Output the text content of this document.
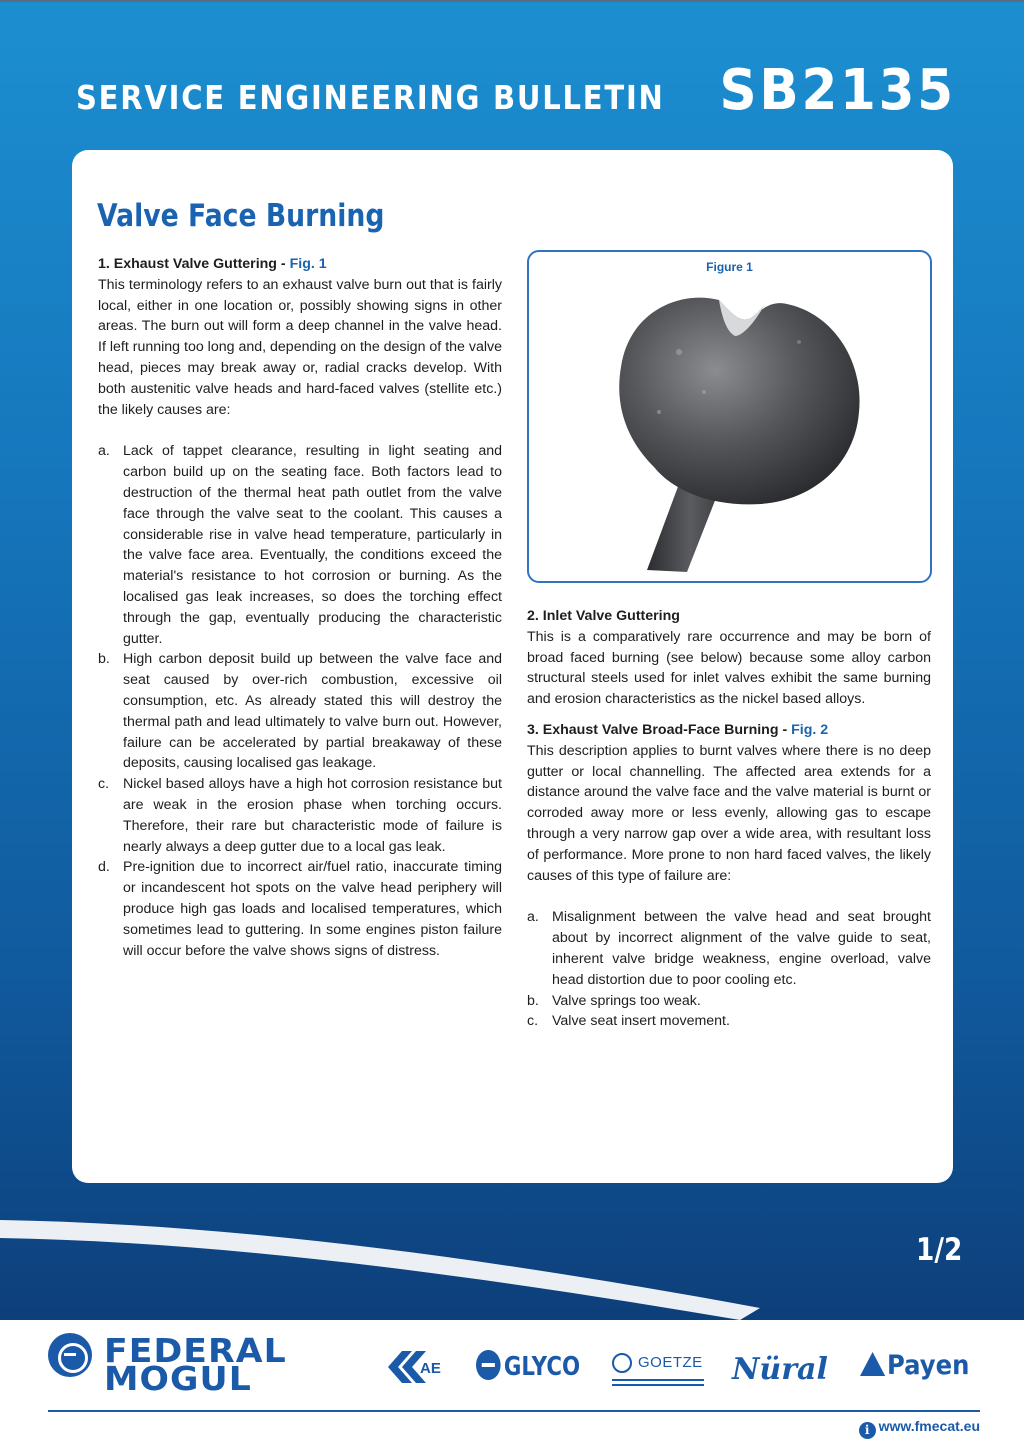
SERVICE ENGINEERING BULLETIN SB2135
Valve Face Burning
1. Exhaust Valve Guttering - Fig. 1

This terminology refers to an exhaust valve burn out that is fairly local, either in one location or, possibly showing signs in other areas. The burn out will form a deep channel in the valve head. If left running too long and, depending on the design of the valve head, pieces may break away or, radial cracks develop. With both austenitic valve heads and hard-faced valves (stellite etc.) the likely causes are:

a. Lack of tappet clearance, resulting in light seating and carbon build up on the seating face. Both factors lead to destruction of the thermal heat path outlet from the valve face through the valve seat to the coolant. This causes a considerable rise in valve head temperature, particularly in the valve face area. Eventually, the conditions exceed the material's resistance to hot corrosion or burning. As the localised gas leak increases, so does the torching effect through the gap, eventually producing the characteristic gutter.
b. High carbon deposit build up between the valve face and seat caused by over-rich combustion, excessive oil consumption, etc. As already stated this will destroy the thermal path and lead ultimately to valve burn out. However, failure can be accelerated by partial breakaway of these deposits, causing localised gas leakage.
c. Nickel based alloys have a high hot corrosion resistance but are weak in the erosion phase when torching occurs. Therefore, their rare but characteristic mode of failure is nearly always a deep gutter due to a local gas leak.
d. Pre-ignition due to incorrect air/fuel ratio, inaccurate timing or incandescent hot spots on the valve head periphery will produce high gas loads and localised temperatures, which sometimes lead to guttering. In some engines piston failure will occur before the valve shows signs of distress.
Figure 1
2. Inlet Valve Guttering

This is a comparatively rare occurrence and may be born of broad faced burning (see below) because some alloy carbon structural steels used for inlet valves exhibit the same burning and erosion characteristics as the nickel based alloys.

3. Exhaust Valve Broad-Face Burning - Fig. 2

This description applies to burnt valves where there is no deep gutter or local channelling. The affected area extends for a distance around the valve face and the valve material is burnt or corroded away more or less evenly, allowing gas to escape through a very narrow gap over a wide area, with resultant loss of performance. More prone to non hard faced valves, the likely causes of this type of failure are:

a. Misalignment between the valve head and seat brought about by incorrect alignment of the valve guide to seat, inherent valve bridge weakness, engine overload, valve head distortion due to poor cooling etc.
b. Valve springs too weak.
c. Valve seat insert movement.
1/2
FEDERAL
MOGUL	AE	GLYCO	GOETZE Nüral	Payen
i www.fmecat.eu
